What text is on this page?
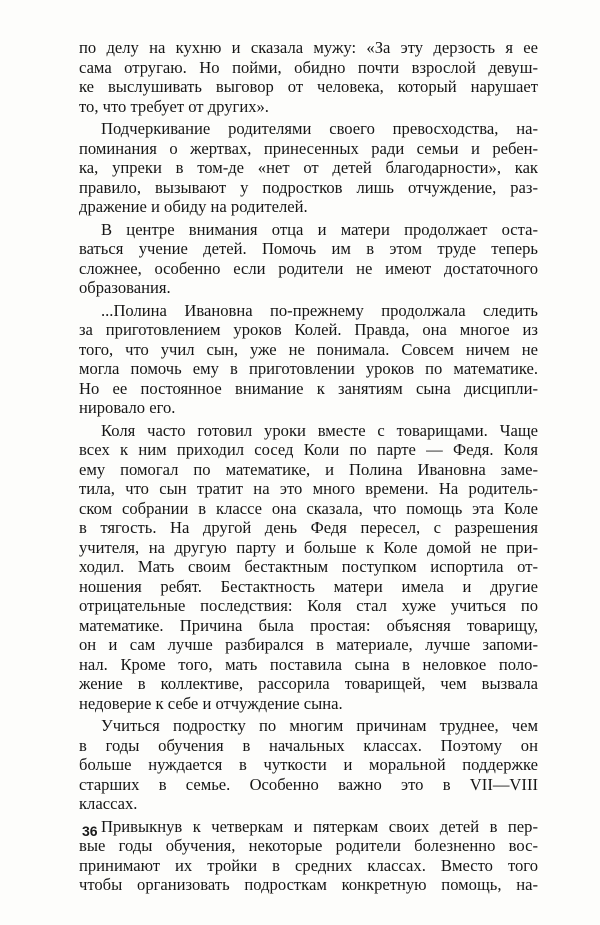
по делу на кухню и сказала мужу: «За эту дерзость я ее
сама отругаю. Но пойми, обидно почти взрослой девуш-
ке выслушивать выговор от человека, который нарушает
то, что требует от других».
Подчеркивание родителями своего превосходства, на-
поминания о жертвах, принесенных ради семьи и ребен-
ка, упреки в том-де «нет от детей благодарности», как
правило, вызывают у подростков лишь отчуждение, раз-
дражение и обиду на родителей.
В центре внимания отца и матери продолжает оста-
ваться учение детей. Помочь им в этом труде теперь
сложнее, особенно если родители не имеют достаточного
образования.
...Полина Ивановна по-прежнему продолжала следить
за приготовлением уроков Колей. Правда, она многое из
того, что учил сын, уже не понимала. Совсем ничем не
могла помочь ему в приготовлении уроков по математике.
Но ее постоянное внимание к занятиям сына дисципли-
нировало его.
Коля часто готовил уроки вместе с товарищами. Чаще
всех к ним приходил сосед Коли по парте — Федя. Коля
ему помогал по математике, и Полина Ивановна заме-
тила, что сын тратит на это много времени. На родитель-
ском собрании в классе она сказала, что помощь эта Коле
в тягость. На другой день Федя пересел, с разрешения
учителя, на другую парту и больше к Коле домой не при-
ходил. Мать своим бестактным поступком испортила от-
ношения ребят. Бестактность матери имела и другие
отрицательные последствия: Коля стал хуже учиться по
математике. Причина была простая: объясняя товарищу,
он и сам лучше разбирался в материале, лучше запоми-
нал. Кроме того, мать поставила сына в неловкое поло-
жение в коллективе, рассорила товарищей, чем вызвала
недоверие к себе и отчуждение сына.
Учиться подростку по многим причинам труднее, чем
в годы обучения в начальных классах. Поэтому он
больше нуждается в чуткости и моральной поддержке
старших в семье. Особенно важно это в VII—VIII
классах.
Привыкнув к четверкам и пятеркам своих детей в пер-
вые годы обучения, некоторые родители болезненно вос-
принимают их тройки в средних классах. Вместо того
чтобы организовать подросткам конкретную помощь, на-
36
